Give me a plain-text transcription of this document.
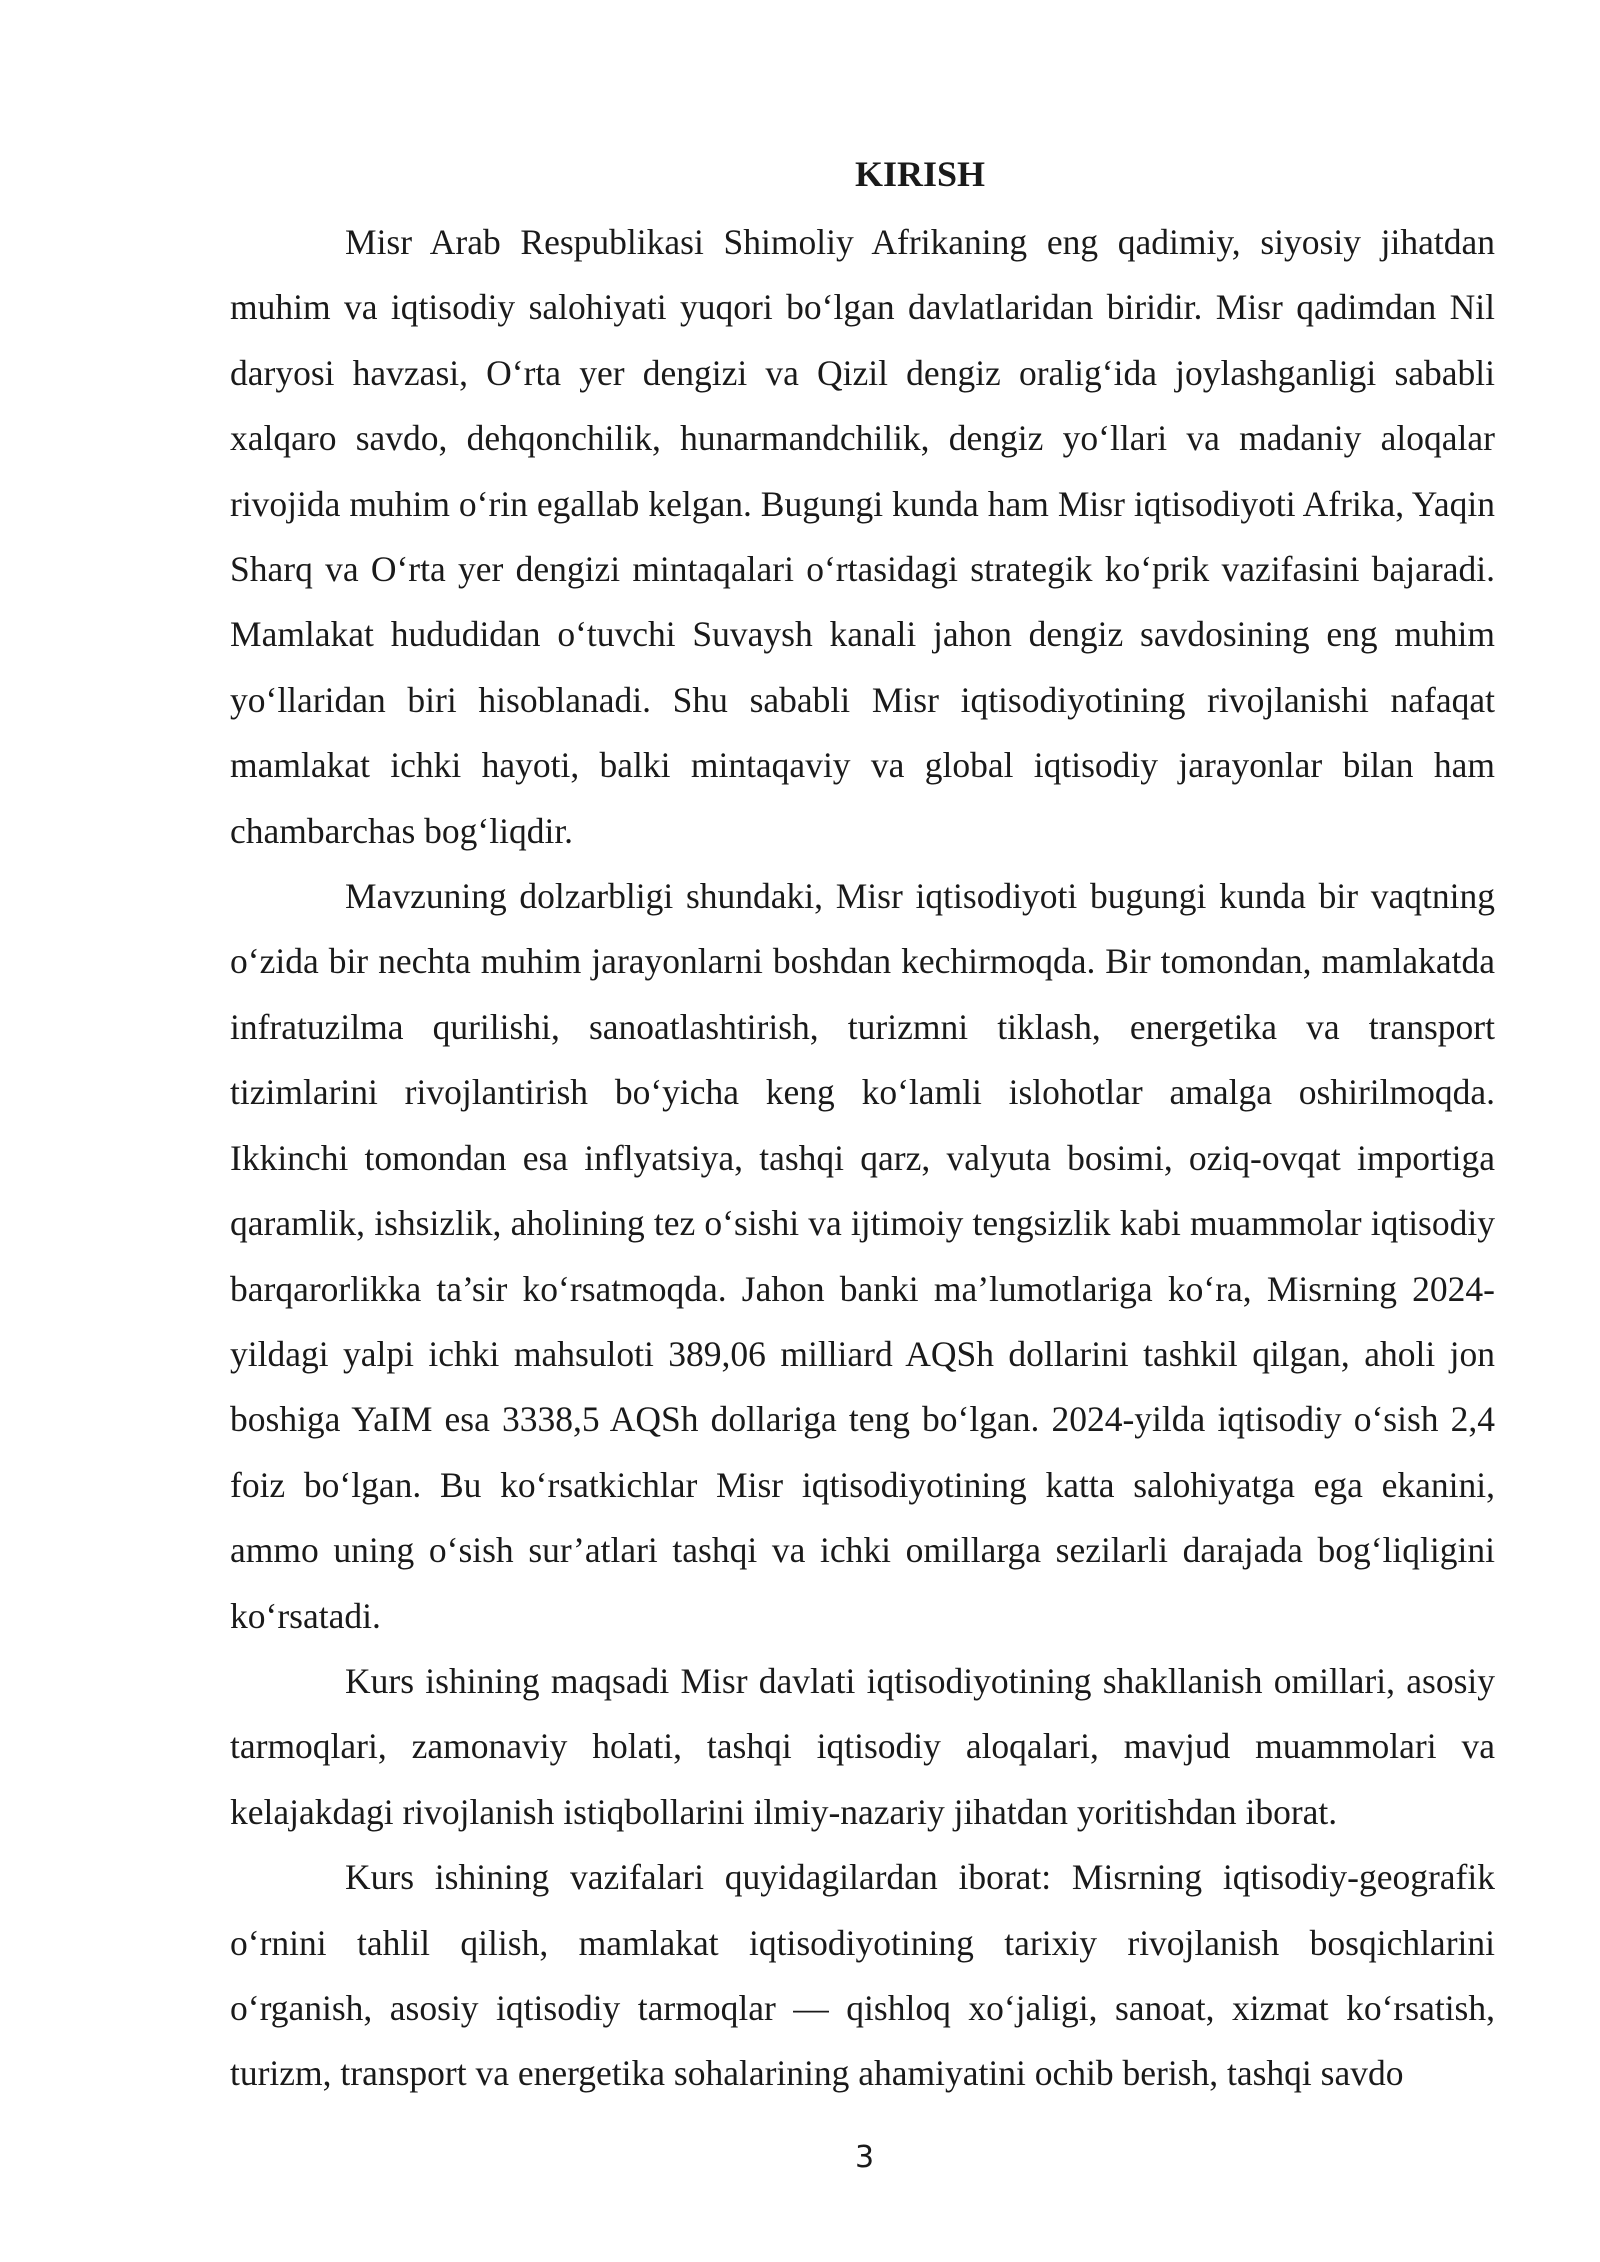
KIRISH

Misr Arab Respublikasi Shimoliy Afrikaning eng qadimiy, siyosiy jihatdan muhim va iqtisodiy salohiyati yuqori bo‘lgan davlatlaridan biridir. Misr qadimdan Nil daryosi havzasi, O‘rta yer dengizi va Qizil dengiz oralig‘ida joylashganligi sababli xalqaro savdo, dehqonchilik, hunarmandchilik, dengiz yo‘llari va madaniy aloqalar rivojida muhim o‘rin egallab kelgan. Bugungi kunda ham Misr iqtisodiyoti Afrika, Yaqin Sharq va O‘rta yer dengizi mintaqalari o‘rtasidagi strategik ko‘prik vazifasini bajaradi. Mamlakat hududidan o‘tuvchi Suvaysh kanali jahon dengiz savdosining eng muhim yo‘llaridan biri hisoblanadi. Shu sababli Misr iqtisodiyotining rivojlanishi nafaqat mamlakat ichki hayoti, balki mintaqaviy va global iqtisodiy jarayonlar bilan ham chambarchas bog‘liqdir.

Mavzuning dolzarbligi shundaki, Misr iqtisodiyoti bugungi kunda bir vaqtning o‘zida bir nechta muhim jarayonlarni boshdan kechirmoqda. Bir tomondan, mamlakatda infratuzilma qurilishi, sanoatlashtirish, turizmni tiklash, energetika va transport tizimlarini rivojlantirish bo‘yicha keng ko‘lamli islohotlar amalga oshirilmoqda. Ikkinchi tomondan esa inflyatsiya, tashqi qarz, valyuta bosimi, oziq-ovqat importiga qaramlik, ishsizlik, aholining tez o‘sishi va ijtimoiy tengsizlik kabi muammolar iqtisodiy barqarorlikka ta’sir ko‘rsatmoqda. Jahon banki ma’lumotlariga ko‘ra, Misrning 2024-yildagi yalpi ichki mahsuloti 389,06 milliard AQSh dollarini tashkil qilgan, aholi jon boshiga YaIM esa 3338,5 AQSh dollariga teng bo‘lgan. 2024-yilda iqtisodiy o‘sish 2,4 foiz bo‘lgan. Bu ko‘rsatkichlar Misr iqtisodiyotining katta salohiyatga ega ekanini, ammo uning o‘sish sur’atlari tashqi va ichki omillarga sezilarli darajada bog‘liqligini ko‘rsatadi.

Kurs ishining maqsadi Misr davlati iqtisodiyotining shakllanish omillari, asosiy tarmoqlari, zamonaviy holati, tashqi iqtisodiy aloqalari, mavjud muammolari va kelajakdagi rivojlanish istiqbollarini ilmiy-nazariy jihatdan yoritishdan iborat.

Kurs ishining vazifalari quyidagilardan iborat: Misrning iqtisodiy-geografik o‘rnini tahlil qilish, mamlakat iqtisodiyotining tarixiy rivojlanish bosqichlarini o‘rganish, asosiy iqtisodiy tarmoqlar — qishloq xo‘jaligi, sanoat, xizmat ko‘rsatish, turizm, transport va energetika sohalarining ahamiyatini ochib berish, tashqi savdo

3
